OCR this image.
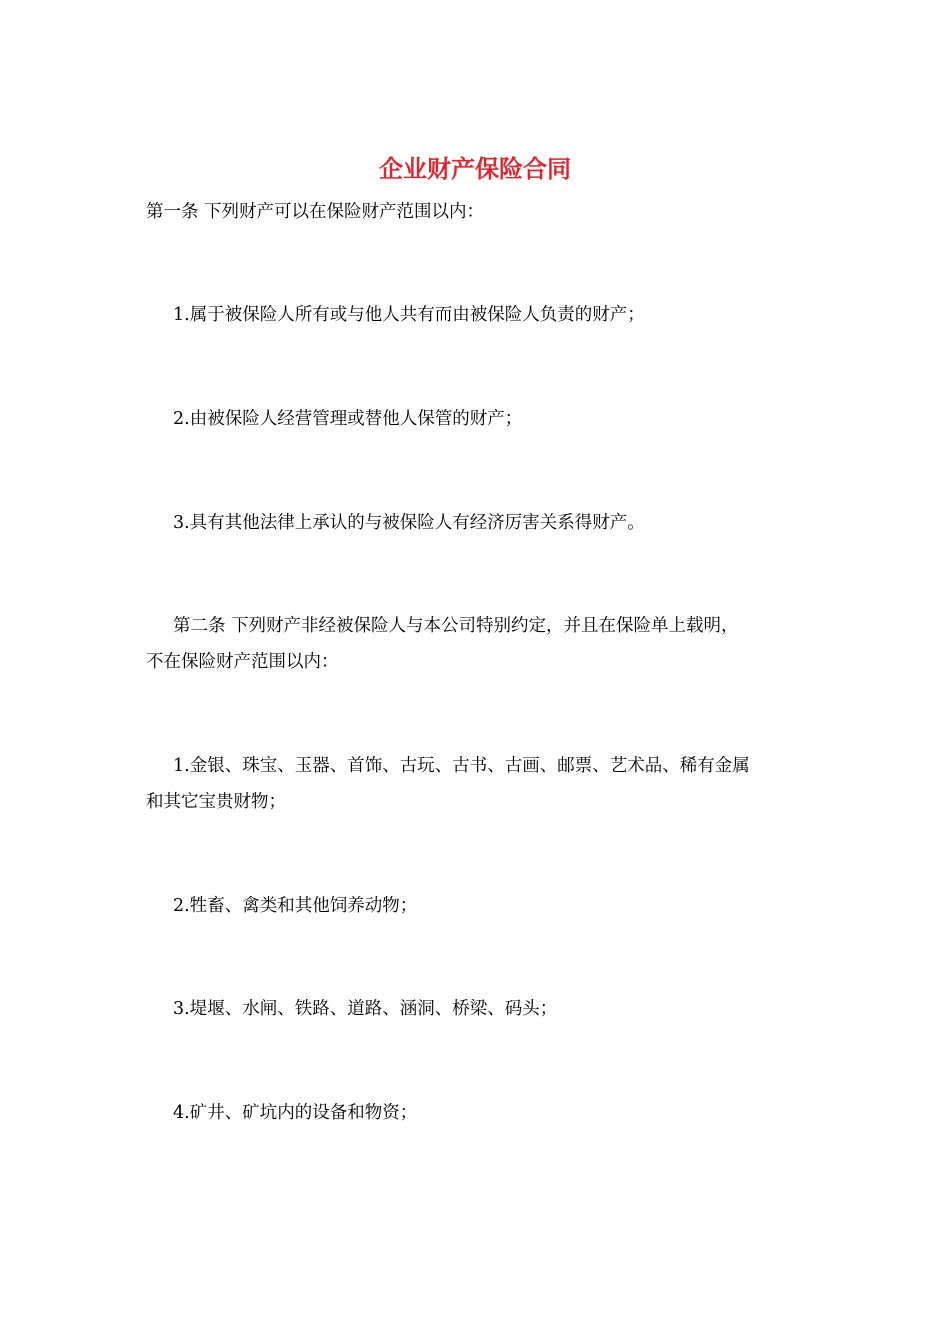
企业财产保险合同
第一条 下列财产可以在保险财产范围以内：
1.属于被保险人所有或与他人共有而由被保险人负责的财产；
2.由被保险人经营管理或替他人保管的财产；
3.具有其他法律上承认的与被保险人有经济厉害关系得财产。
第二条 下列财产非经被保险人与本公司特别约定，并且在保险单上载明，
不在保险财产范围以内：
1.金银、珠宝、玉器、首饰、古玩、古书、古画、邮票、艺术品、稀有金属
和其它宝贵财物；
2.牲畜、禽类和其他饲养动物；
3.堤堰、水闸、铁路、道路、涵洞、桥梁、码头；
4.矿井、矿坑内的设备和物资；
